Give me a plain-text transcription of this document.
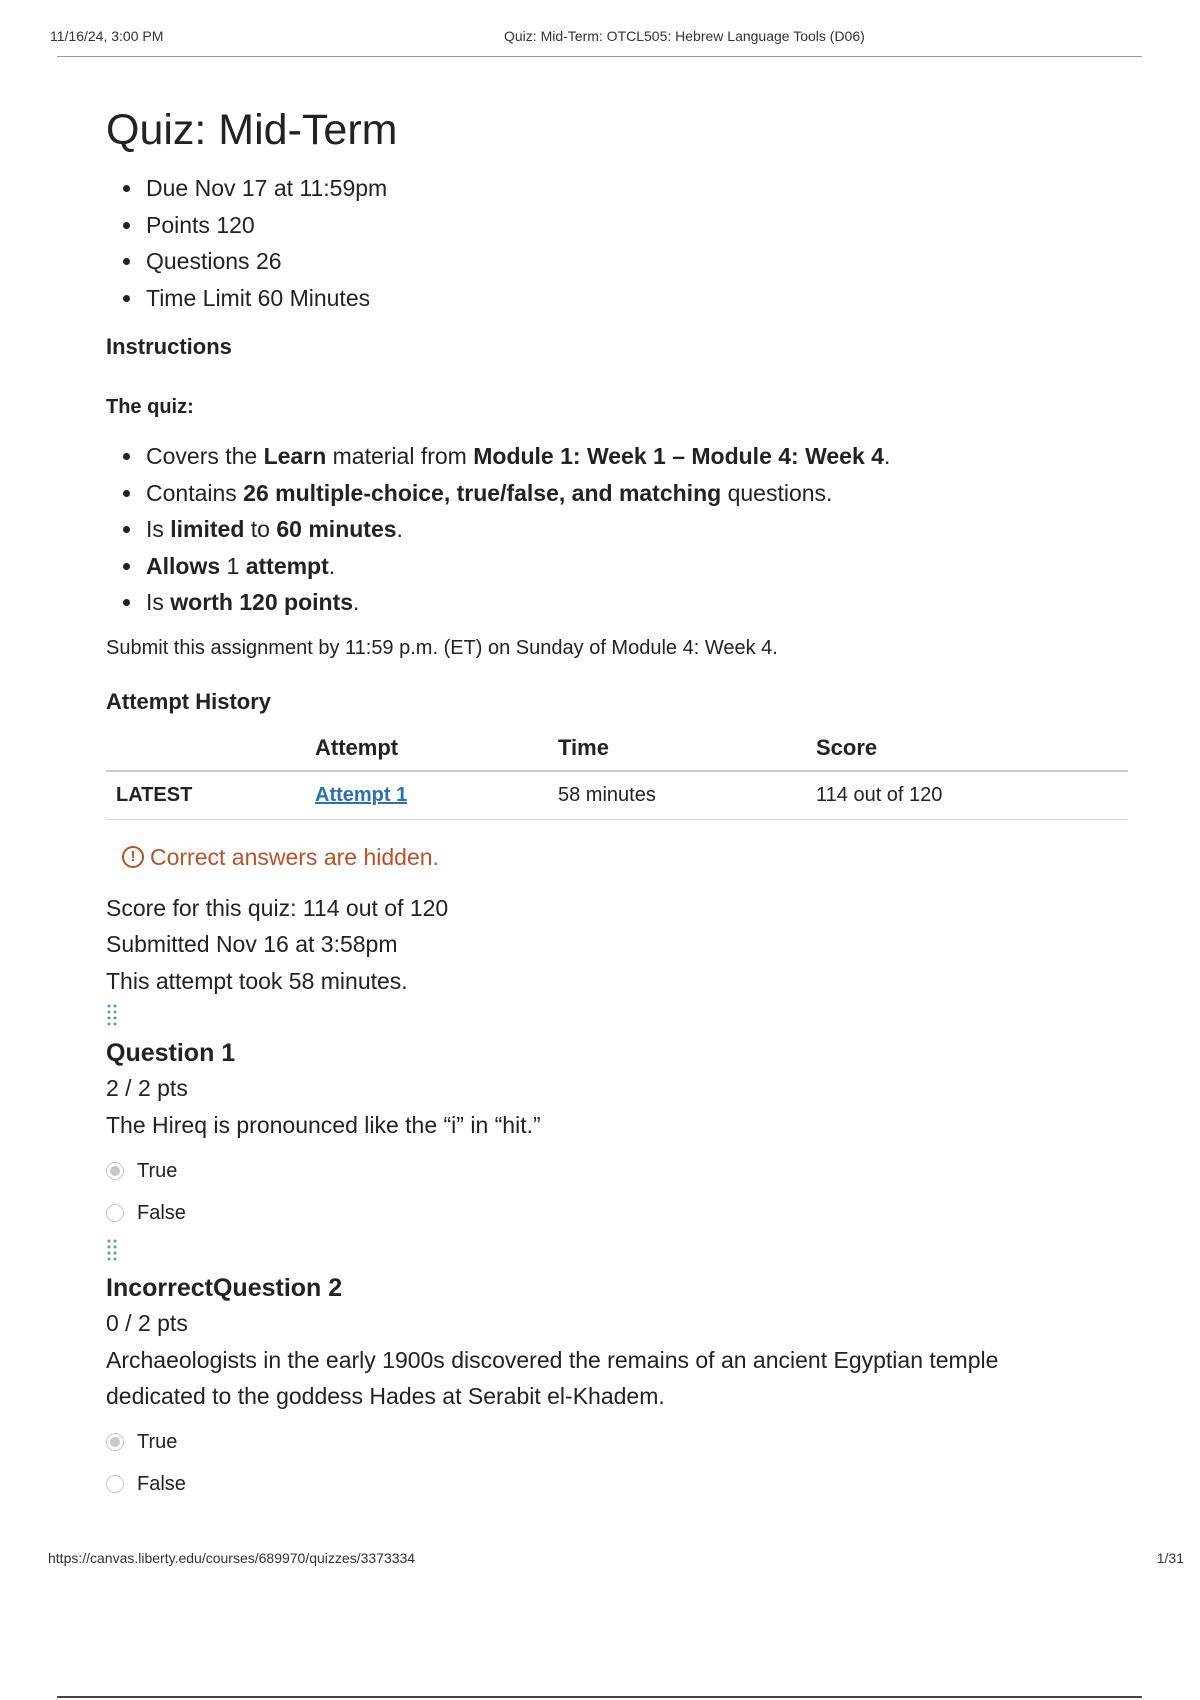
11/16/24, 3:00 PM	Quiz: Mid-Term: OTCL505: Hebrew Language Tools (D06)
Quiz: Mid-Term
• Due Nov 17 at 11:59pm
• Points 120
• Questions 26
• Time Limit 60 Minutes
Instructions
The quiz:
• Covers the Learn material from Module 1: Week 1 – Module 4: Week 4.
• Contains 26 multiple-choice, true/false, and matching questions.
• Is limited to 60 minutes.
• Allows 1 attempt.
• Is worth 120 points.
Submit this assignment by 11:59 p.m. (ET) on Sunday of Module 4: Week 4.
Attempt History
	Attempt	Time	Score
LATEST	Attempt 1	58 minutes	114 out of 120
! Correct answers are hidden.
Score for this quiz: 114 out of 120
Submitted Nov 16 at 3:58pm
This attempt took 58 minutes.
Question 1
2 / 2 pts
The Hireq is pronounced like the “i” in “hit.”
True
False
IncorrectQuestion 2
0 / 2 pts
Archaeologists in the early 1900s discovered the remains of an ancient Egyptian temple dedicated to the goddess Hades at Serabit el-Khadem.
True
False
https://canvas.liberty.edu/courses/689970/quizzes/3373334	1/31
